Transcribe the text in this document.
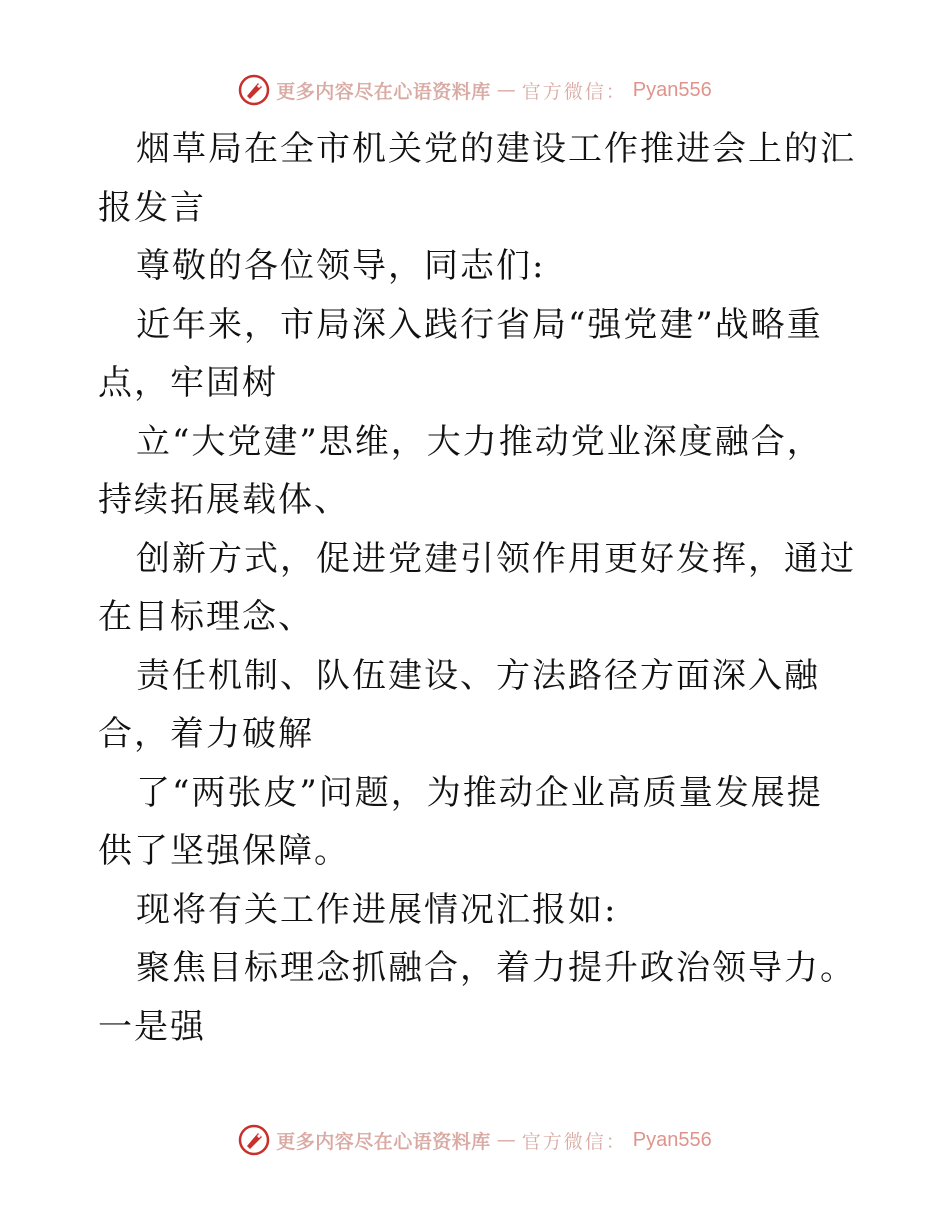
更多内容尽在心语资料库 — 官方微信： Pyan556

烟草局在全市机关党的建设工作推进会上的汇报发言

尊敬的各位领导，同志们:

近年来，市局深入践行省局“强党建”战略重点，牢固树

立“大党建”思维，大力推动党业深度融合，持续拓展载体、

创新方式，促进党建引领作用更好发挥，通过在目标理念、

责任机制、队伍建设、方法路径方面深入融合，着力破解

了“两张皮”问题，为推动企业高质量发展提供了坚强保障。

现将有关工作进展情况汇报如:

聚焦目标理念抓融合，着力提升政治领导力。一是强

更多内容尽在心语资料库 — 官方微信： Pyan556
